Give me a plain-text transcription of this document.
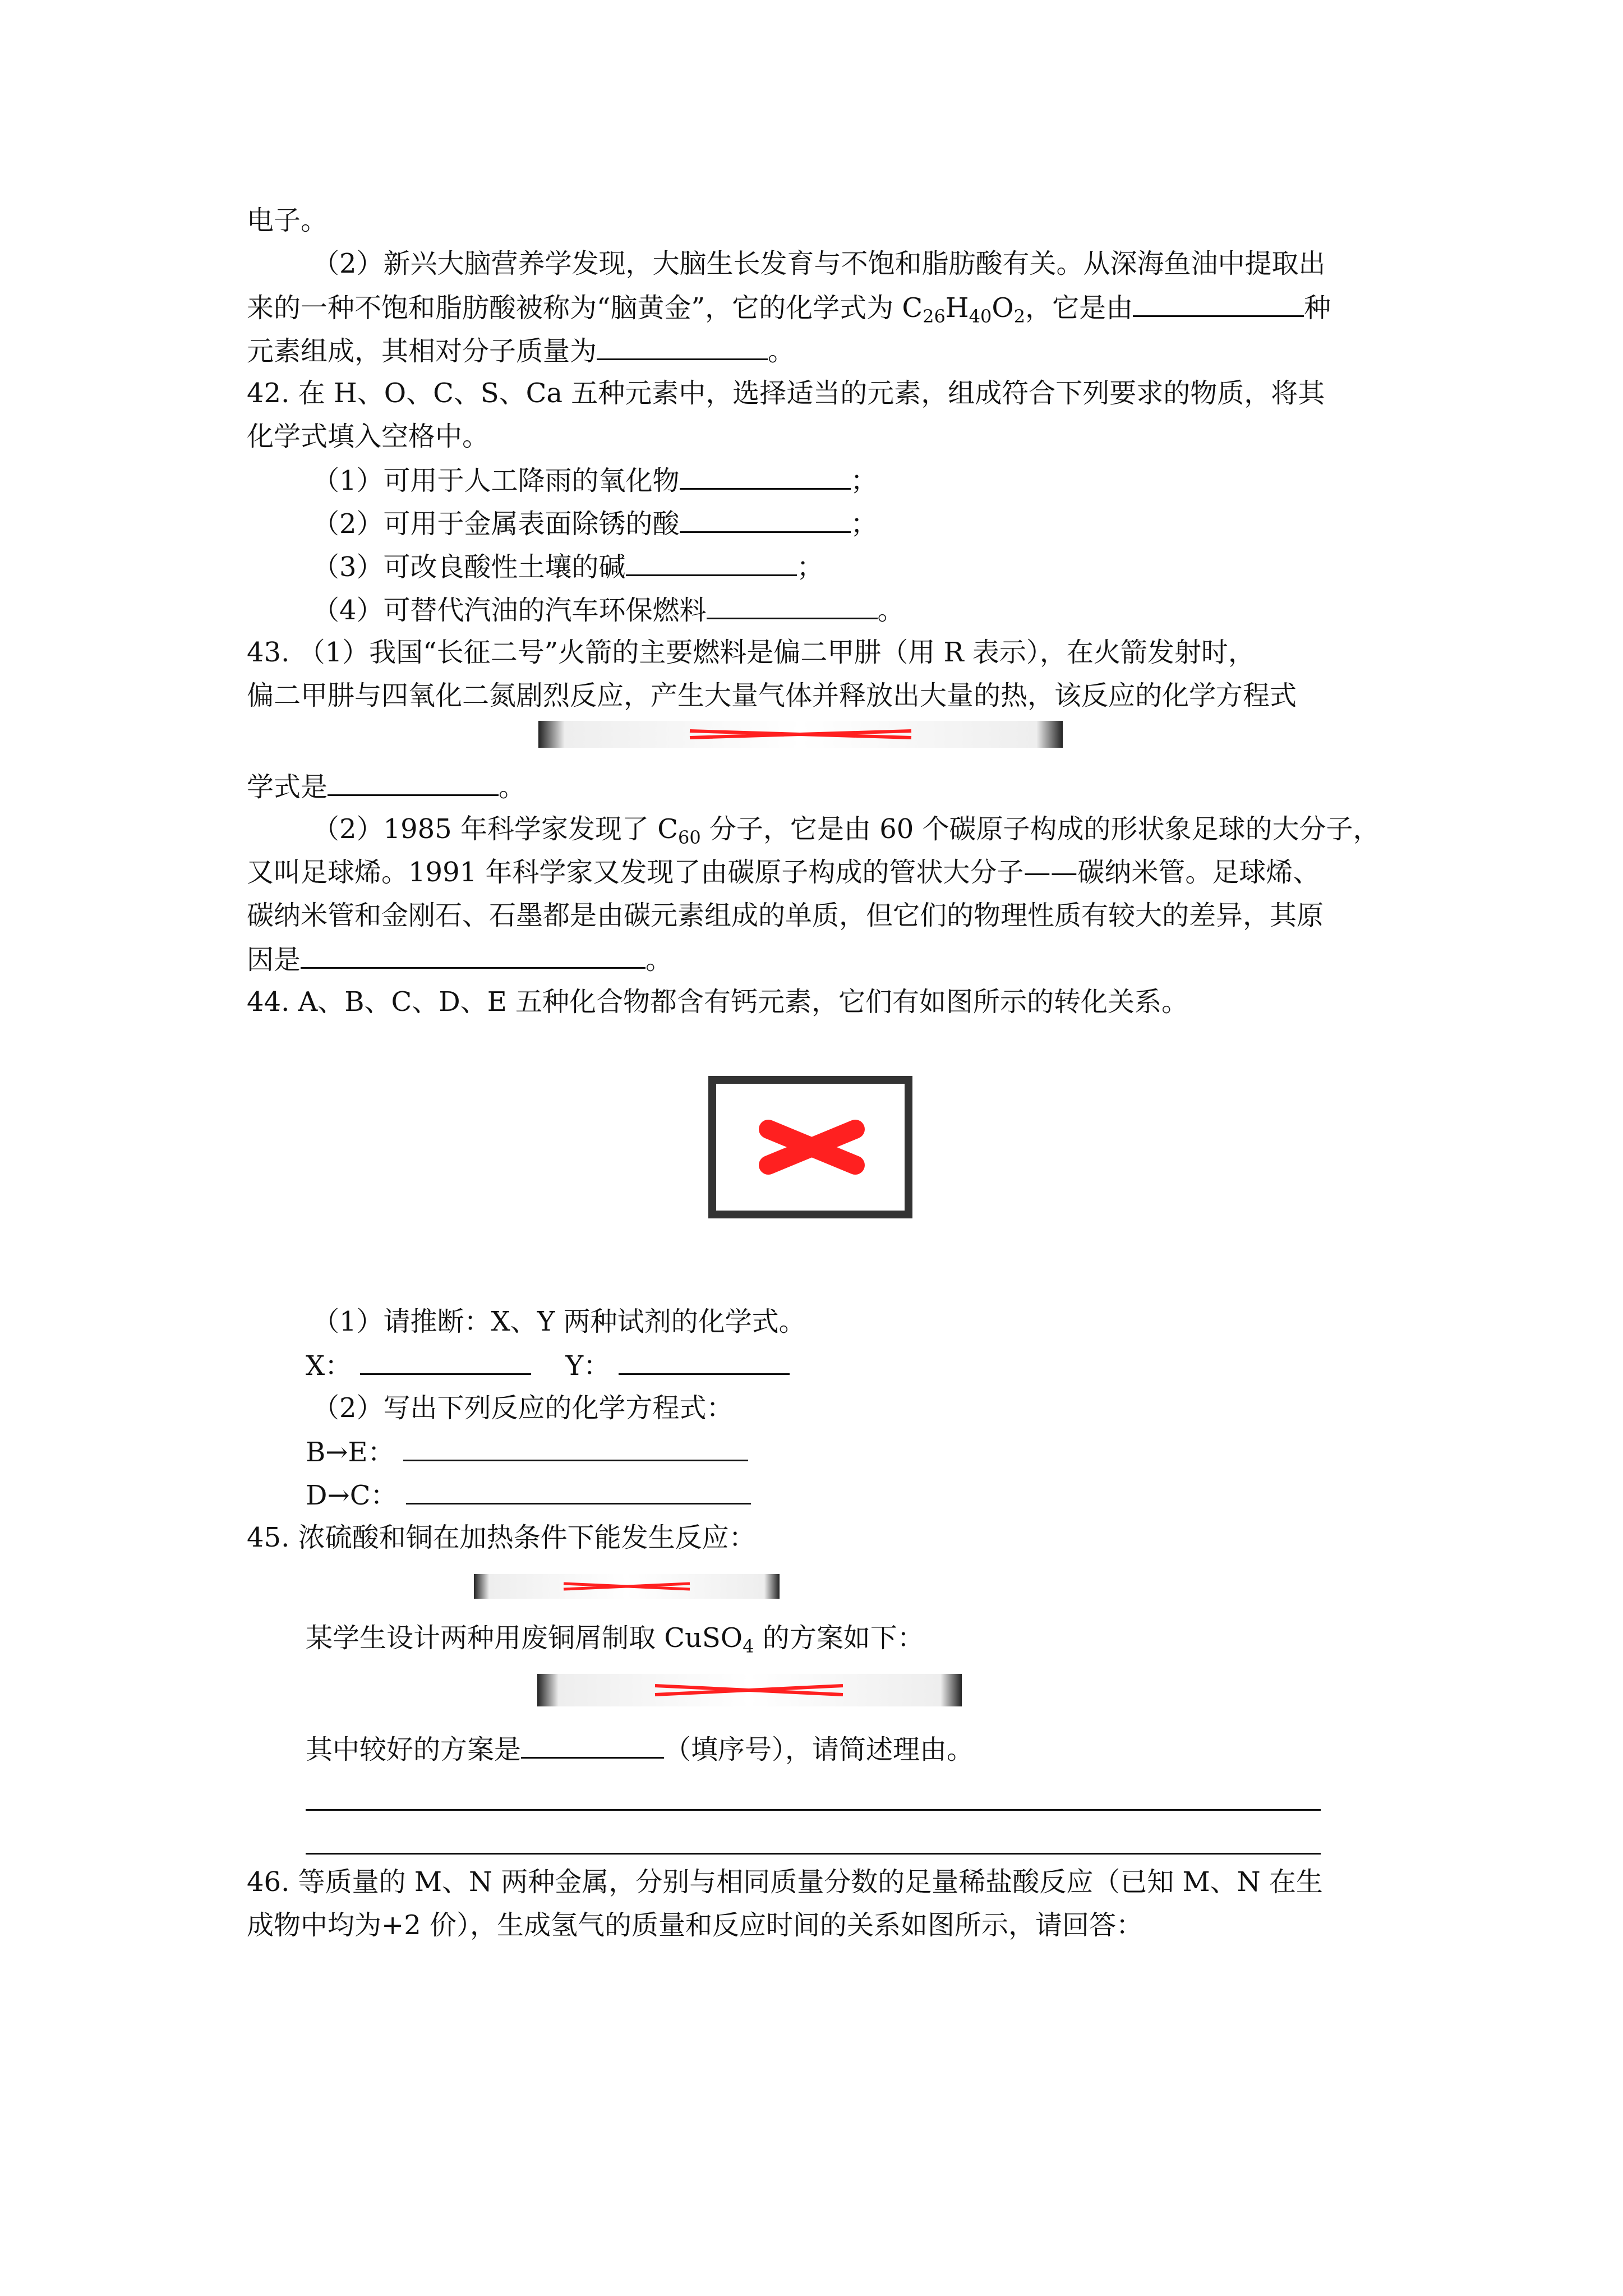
电子。
（2）新兴大脑营养学发现，大脑生长发育与不饱和脂肪酸有关。从深海鱼油中提取出
来的一种不饱和脂肪酸被称为“脑黄金”，它的化学式为 $C_{26}H_{40}O_2$，它是由	种
元素组成，其相对分子质量为	。
42. 在 H、O、C、S、Ca 五种元素中，选择适当的元素，组成符合下列要求的物质，将其
化学式填入空格中。
（1）可用于人工降雨的氧化物	；
（2）可用于金属表面除锈的酸	；
（3）可改良酸性土壤的碱	；
（4）可替代汽油的汽车环保燃料	。
43. （1）我国“长征二号”火箭的主要燃料是偏二甲肼（用 R 表示），在火箭发射时，
偏二甲肼与四氧化二氮剧烈反应，产生大量气体并释放出大量的热，该反应的化学方程式
学式是	。
（2）1985 年科学家发现了 $C_{60}$ 分子，它是由 60 个碳原子构成的形状象足球的大分子，
又叫足球烯。1991 年科学家又发现了由碳原子构成的管状大分子——碳纳米管。足球烯、
碳纳米管和金刚石、石墨都是由碳元素组成的单质，但它们的物理性质有较大的差异，其原
因是	。
44. A、B、C、D、E 五种化合物都含有钙元素，它们有如图所示的转化关系。
（1）请推断：X、Y 两种试剂的化学式。
X：	Y：
（2）写出下列反应的化学方程式：
B→E：
D→C：
45. 浓硫酸和铜在加热条件下能发生反应：
某学生设计两种用废铜屑制取 CuSO$_4$ 的方案如下：
其中较好的方案是	（填序号），请简述理由。
46. 等质量的 M、N 两种金属，分别与相同质量分数的足量稀盐酸反应（已知 M、N 在生
成物中均为+2 价），生成氢气的质量和反应时间的关系如图所示，请回答：
